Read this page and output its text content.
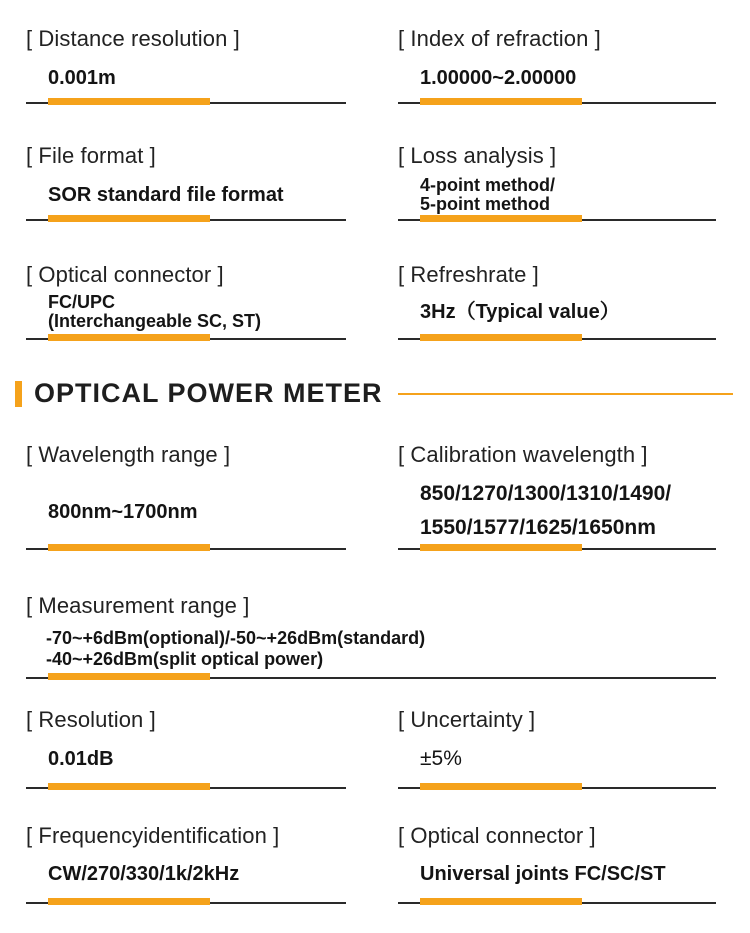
[ Distance resolution ]
0.001m
[ Index of refraction ]
1.00000~2.00000
[ File format ]
SOR standard file format
[ Loss analysis ]
4-point method/
5-point method
[ Optical connector ]
FC/UPC
(Interchangeable SC, ST)
[ Refreshrate ]
3Hz（Typical value）
OPTICAL POWER METER
[ Wavelength range ]
800nm~1700nm
[ Calibration wavelength ]
850/1270/1300/1310/1490/
1550/1577/1625/1650nm
[ Measurement range ]
-70~+6dBm(optional)/-50~+26dBm(standard)
-40~+26dBm(split optical power)
[ Resolution ]
0.01dB
[ Uncertainty ]
±5%
[ Frequencyidentification ]
CW/270/330/1k/2kHz
[ Optical connector ]
Universal joints FC/SC/ST
